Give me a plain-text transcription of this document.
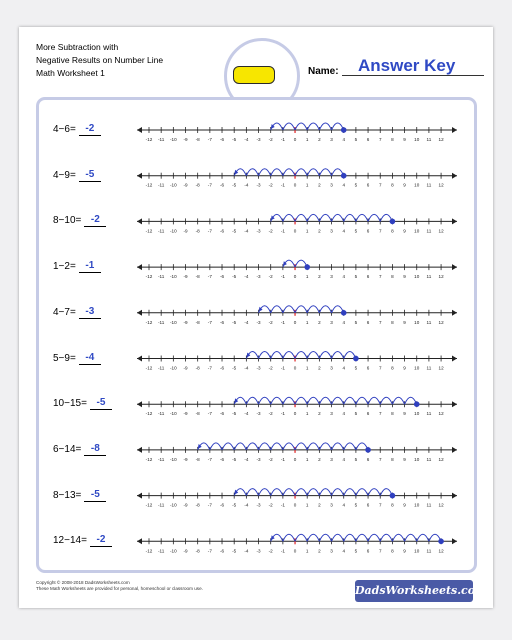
More Subtraction with
Negative Results on Number Line
Math Worksheet 1	Name: Answer Key
4−6= -2
4−9= -5
8−10= -2
1−2= -1
4−7= -3
5−9= -4
10−15= -5
6−14= -8
8−13= -5
12−14= -2
-12 -11 -10 -9 -8 -7 -6 -5 -4 -3 -2 -1 0 1 2 3 4 5 6 7 8 9 10 11 12
-12 -11 -10 -9 -8 -7 -6 -5 -4 -3 -2 -1 0 1 2 3 4 5 6 7 8 9 10 11 12
-12 -11 -10 -9 -8 -7 -6 -5 -4 -3 -2 -1 0 1 2 3 4 5 6 7 8 9 10 11 12
-12 -11 -10 -9 -8 -7 -6 -5 -4 -3 -2 -1 0 1 2 3 4 5 6 7 8 9 10 11 12
-12 -11 -10 -9 -8 -7 -6 -5 -4 -3 -2 -1 0 1 2 3 4 5 6 7 8 9 10 11 12
-12 -11 -10 -9 -8 -7 -6 -5 -4 -3 -2 -1 0 1 2 3 4 5 6 7 8 9 10 11 12
-12 -11 -10 -9 -8 -7 -6 -5 -4 -3 -2 -1 0 1 2 3 4 5 6 7 8 9 10 11 12
-12 -11 -10 -9 -8 -7 -6 -5 -4 -3 -2 -1 0 1 2 3 4 5 6 7 8 9 10 11 12
-12 -11 -10 -9 -8 -7 -6 -5 -4 -3 -2 -1 0 1 2 3 4 5 6 7 8 9 10 11 12
-12 -11 -10 -9 -8 -7 -6 -5 -4 -3 -2 -1 0 1 2 3 4 5 6 7 8 9 10 11 12
Copyright © 2008-2018 DadsWorksheets.com
These Math Worksheets are provided for personal, homeschool or classroom use.	DadsWorksheets.com
